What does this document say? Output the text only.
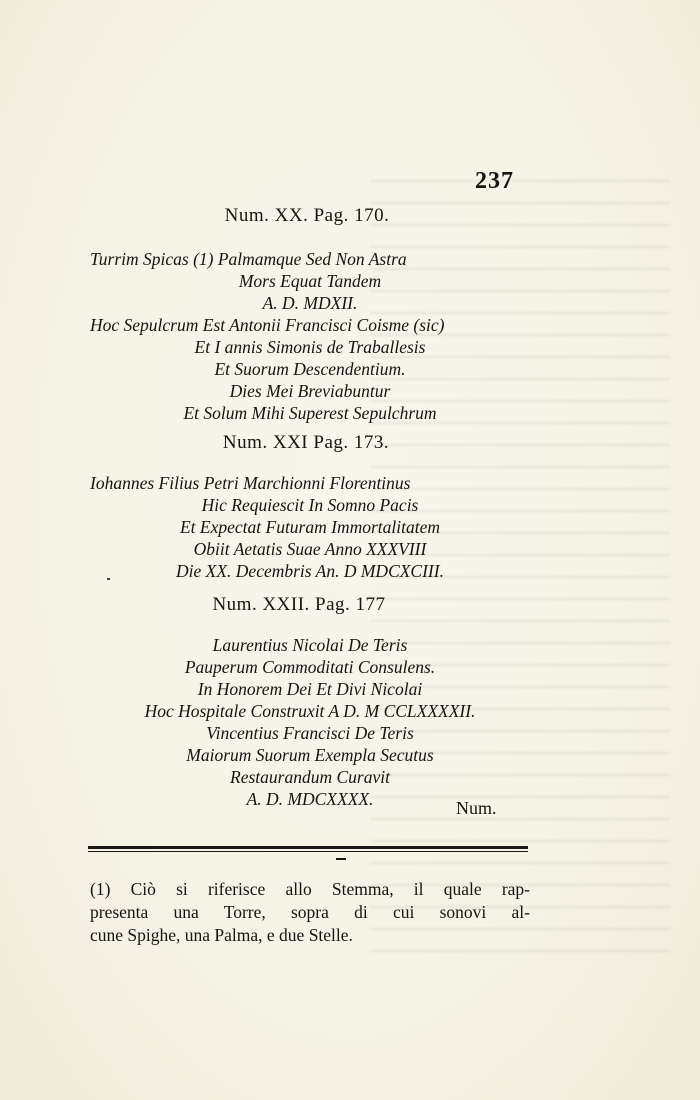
237
Num. XX. Pag. 170.
Turrim Spicas (1) Palmamque Sed Non Astra
Mors Equat Tandem
A. D. MDXII.
Hoc Sepulcrum Est Antonii Francisci Coisme (sic)
Et I annis Simonis de Traballesis
Et Suorum Descendentium.
Dies Mei Breviabuntur
Et Solum Mihi Superest Sepulchrum
Num. XXI Pag. 173.
Iohannes Filius Petri Marchionni Florentinus
Hic Requiescit In Somno Pacis
Et Expectat Futuram Immortalitatem
Obiit Aetatis Suae Anno XXXVIII
Die XX. Decembris An. D MDCXCIII.
Num. XXII. Pag. 177
Laurentius Nicolai De Teris
Pauperum Commoditati Consulens.
In Honorem Dei Et Divi Nicolai
Hoc Hospitale Construxit A D. M CCLXXXXII.
Vincentius Francisci De Teris
Maiorum Suorum Exempla Secutus
Restaurandum Curavit
A. D. MDCXXXX.	Num.
(1) Ciò si riferisce allo Stemma, il quale rap-
presenta una Torre, sopra di cui sonovi al-
cune Spighe, una Palma, e due Stelle.
